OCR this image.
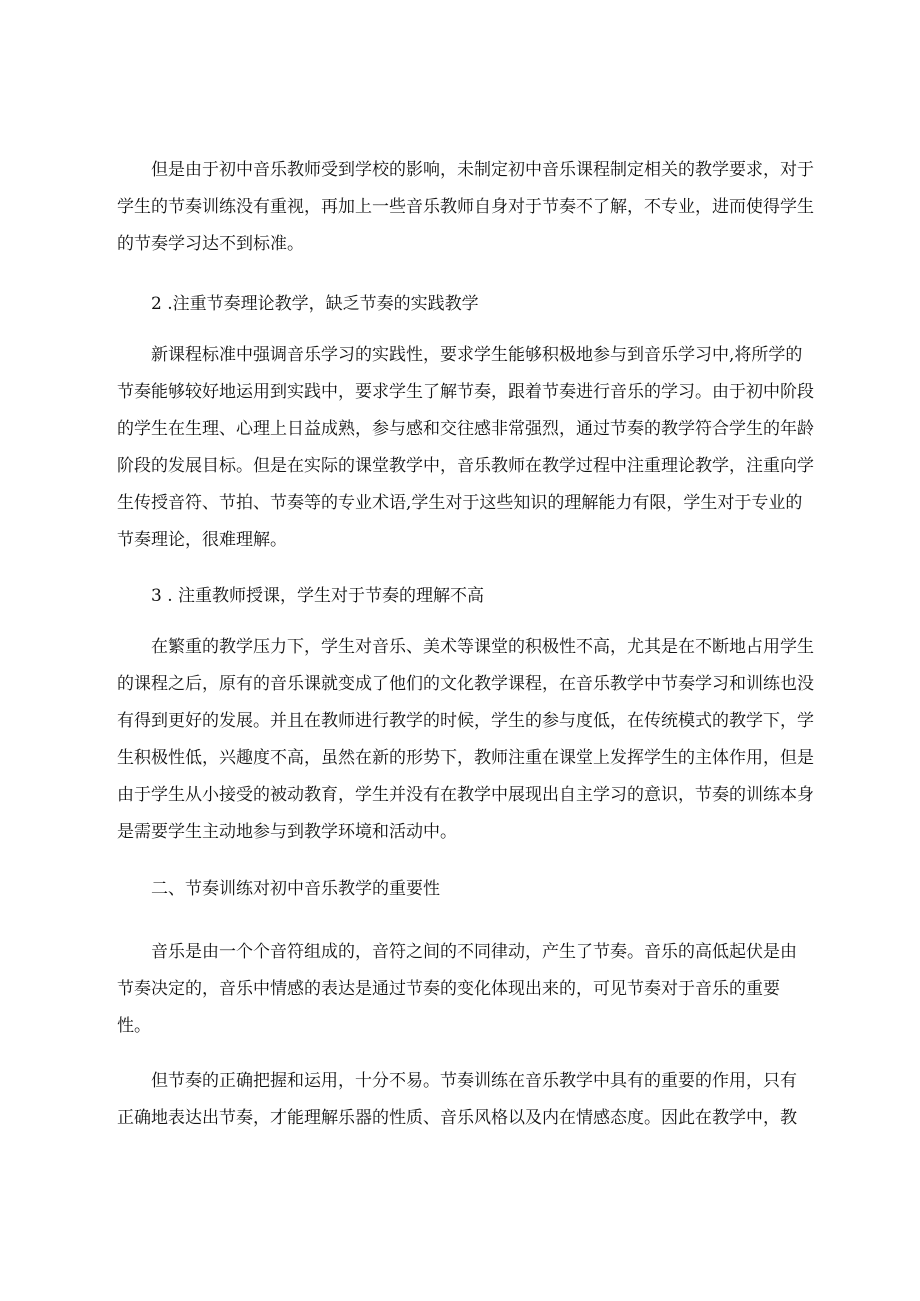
但是由于初中音乐教师受到学校的影响，未制定初中音乐课程制定相关的教学要求，对于
学生的节奏训练没有重视，再加上一些音乐教师自身对于节奏不了解，不专业，进而使得学生
的节奏学习达不到标准。

2 .注重节奏理论教学，缺乏节奏的实践教学

新课程标准中强调音乐学习的实践性，要求学生能够积极地参与到音乐学习中,将所学的
节奏能够较好地运用到实践中，要求学生了解节奏，跟着节奏进行音乐的学习。由于初中阶段
的学生在生理、心理上日益成熟，参与感和交往感非常强烈，通过节奏的教学符合学生的年龄
阶段的发展目标。但是在实际的课堂教学中，音乐教师在教学过程中注重理论教学，注重向学
生传授音符、节拍、节奏等的专业术语,学生对于这些知识的理解能力有限，学生对于专业的
节奏理论，很难理解。

3 . 注重教师授课，学生对于节奏的理解不高

在繁重的教学压力下，学生对音乐、美术等课堂的积极性不高，尤其是在不断地占用学生
的课程之后，原有的音乐课就变成了他们的文化教学课程，在音乐教学中节奏学习和训练也没
有得到更好的发展。并且在教师进行教学的时候，学生的参与度低，在传统模式的教学下，学
生积极性低，兴趣度不高，虽然在新的形势下，教师注重在课堂上发挥学生的主体作用，但是
由于学生从小接受的被动教育，学生并没有在教学中展现出自主学习的意识，节奏的训练本身
是需要学生主动地参与到教学环境和活动中。

二、节奏训练对初中音乐教学的重要性

音乐是由一个个音符组成的，音符之间的不同律动，产生了节奏。音乐的高低起伏是由
节奏决定的，音乐中情感的表达是通过节奏的变化体现出来的，可见节奏对于音乐的重要
性。

但节奏的正确把握和运用，十分不易。节奏训练在音乐教学中具有的重要的作用，只有
正确地表达出节奏，才能理解乐器的性质、音乐风格以及内在情感态度。因此在教学中，教
